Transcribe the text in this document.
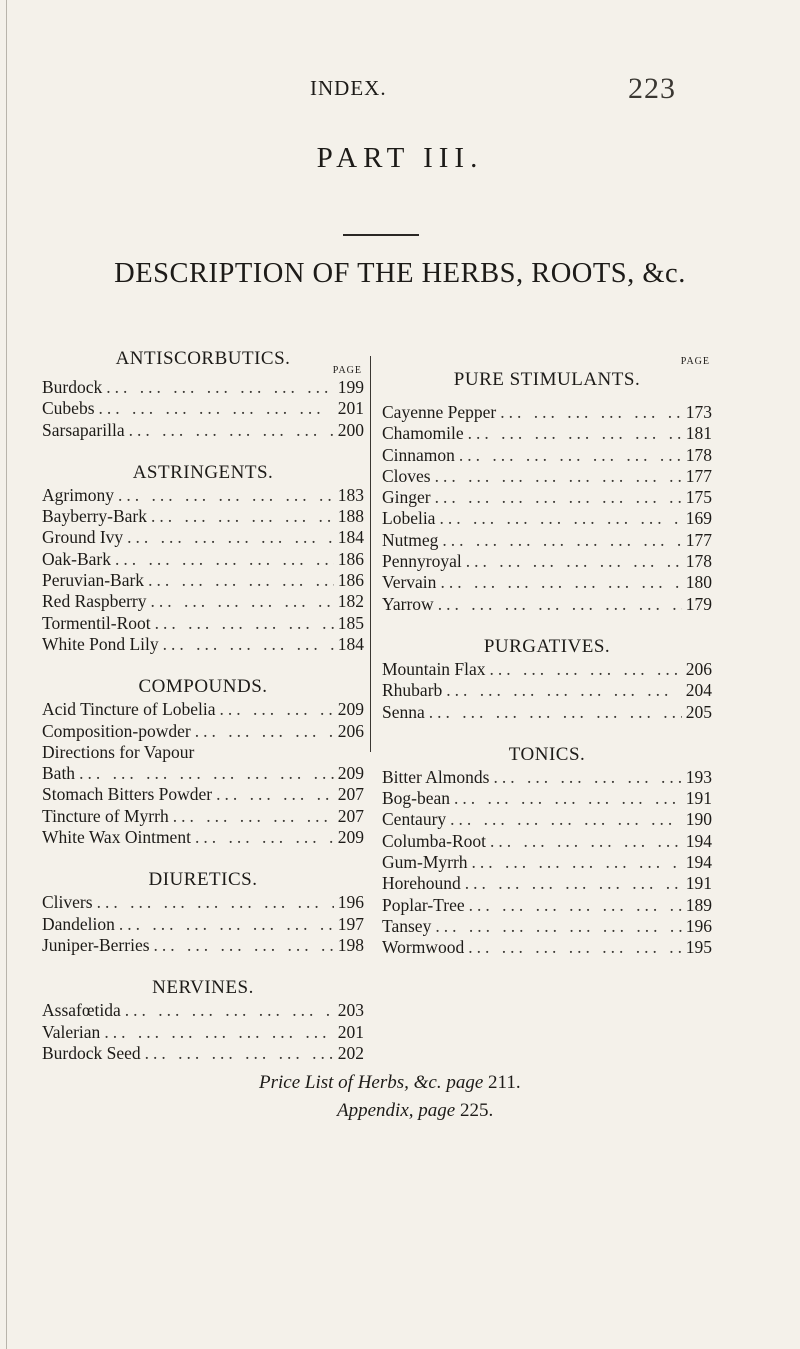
INDEX.	223
PART III.
DESCRIPTION OF THE HERBS, ROOTS, &c.
ANTISCORBUTICS.
PAGE
Burdock ... .	199
Cubebs ... .	201
Sarsaparilla ... .	200
ASTRINGENTS.
Agrimony ... .	183
Bayberry-Bark ... .	188
Ground Ivy ... .	184
Oak-Bark ... .	186
Peruvian-Bark ... .	186
Red Raspberry ... .	182
Tormentil-Root ... .	185
White Pond Lily ... .	184
COMPOUNDS.
Acid Tincture of Lobelia ... .	209
Composition-powder ... .	206
Directions for Vapour
Bath ... .	209
Stomach Bitters Powder ... .	207
Tincture of Myrrh ... .	207
White Wax Ointment ... .	209
DIURETICS.
Clivers ... .	196
Dandelion ... .	197
Juniper-Berries ... .	198
NERVINES.
Assafœtida ... .	203
Valerian ... .	201
Burdock Seed ... .	202
PAGE
PURE STIMULANTS.
Cayenne Pepper ... .	173
Chamomile ... .	181
Cinnamon ... .	178
Cloves ... .	177
Ginger ... .	175
Lobelia ... .	169
Nutmeg ... .	177
Pennyroyal ... .	178
Vervain ... .	180
Yarrow ... .	179
PURGATIVES.
Mountain Flax ... .	206
Rhubarb ... .	204
Senna ... .	205
TONICS.
Bitter Almonds ... .	193
Bog-bean ... .	191
Centaury ... .	190
Columba-Root ... .	194
Gum-Myrrh ... .	194
Horehound ... .	191
Poplar-Tree ... .	189
Tansey ... .	196
Wormwood ... .	195
Price List of Herbs, &c. page 211.
Appendix, page 225.
